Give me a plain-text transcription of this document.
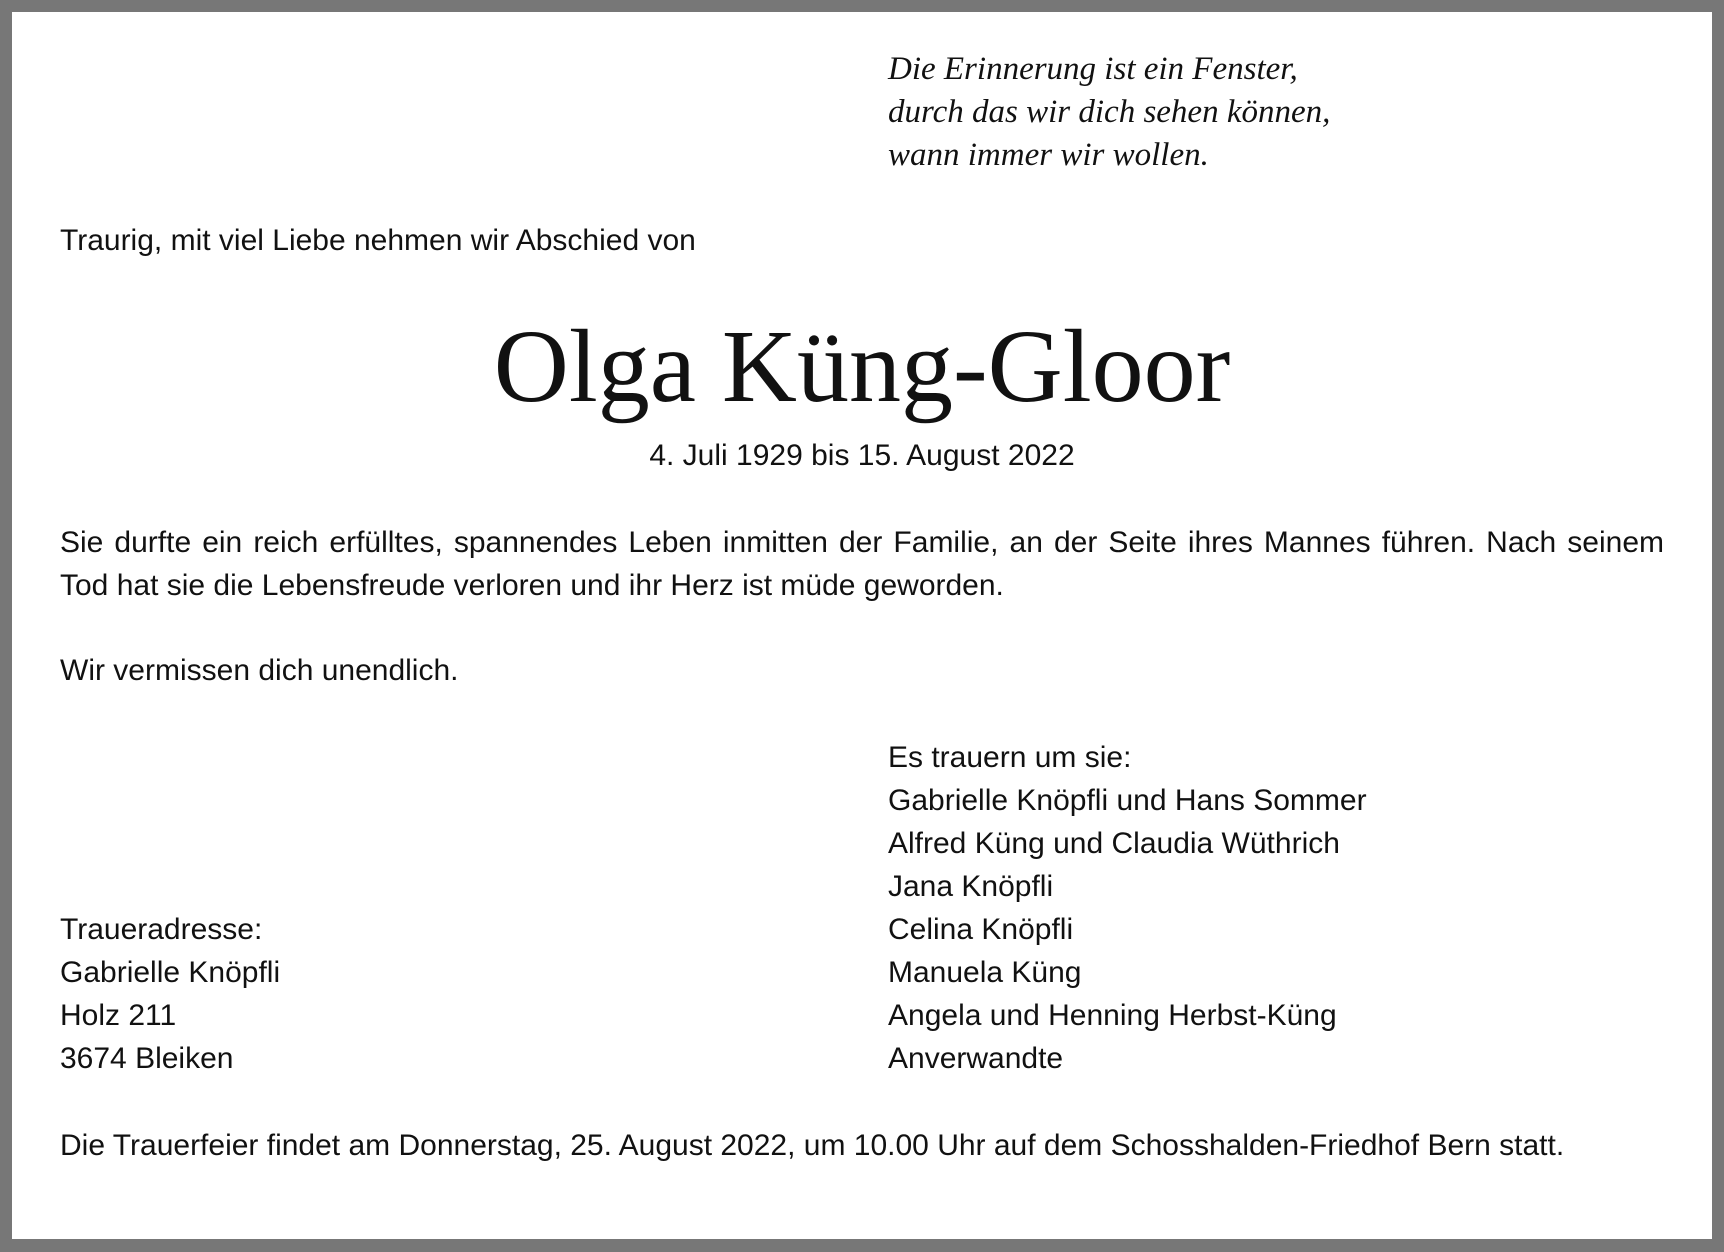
Die Erinnerung ist ein Fenster,
durch das wir dich sehen können,
wann immer wir wollen.
Traurig, mit viel Liebe nehmen wir Abschied von
Olga Küng-Gloor
4. Juli 1929 bis 15. August 2022
Sie durfte ein reich erfülltes, spannendes Leben inmitten der Familie, an der Seite ihres Mannes führen. Nach seinem Tod hat sie die Lebensfreude verloren und ihr Herz ist müde geworden.
Wir vermissen dich unendlich.
Es trauern um sie:
Gabrielle Knöpfli und Hans Sommer
Alfred Küng und Claudia Wüthrich
Jana Knöpfli
Celina Knöpfli
Manuela Küng
Angela und Henning Herbst-Küng
Anverwandte
Traueradresse:
Gabrielle Knöpfli
Holz 211
3674 Bleiken
Die Trauerfeier findet am Donnerstag, 25. August 2022, um 10.00 Uhr auf dem Schosshalden-Friedhof Bern statt.
